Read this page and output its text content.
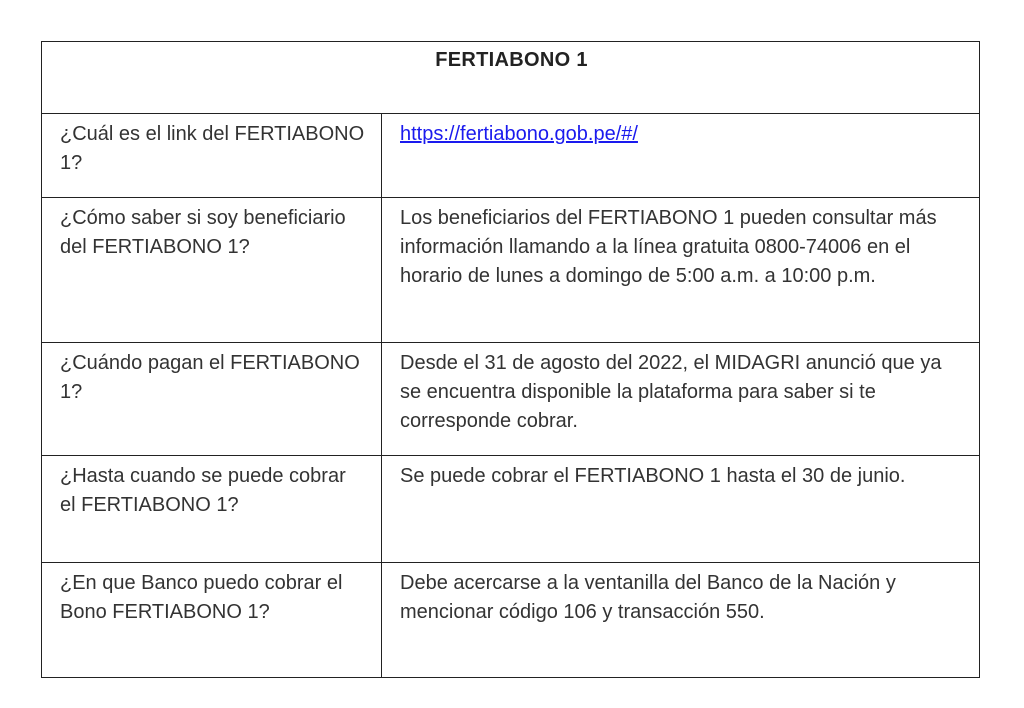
FERTIABONO 1	
¿Cuál es el link del FERTIABONO 1?	https://fertiabono.gob.pe/#/
¿Cómo saber si soy beneficiario del FERTIABONO 1?	Los beneficiarios del FERTIABONO 1 pueden consultar más información llamando a la línea gratuita 0800-74006 en el horario de lunes a domingo de 5:00 a.m. a 10:00 p.m.
¿Cuándo pagan el FERTIABONO 1?	Desde el 31 de agosto del 2022, el MIDAGRI anunció que ya se encuentra disponible la plataforma para saber si te corresponde cobrar.
¿Hasta cuando se puede cobrar el FERTIABONO 1?	Se puede cobrar el FERTIABONO 1 hasta el 30 de junio.
¿En que Banco puedo cobrar el Bono FERTIABONO 1?	Debe acercarse a la ventanilla del Banco de la Nación y mencionar código 106 y transacción 550.
